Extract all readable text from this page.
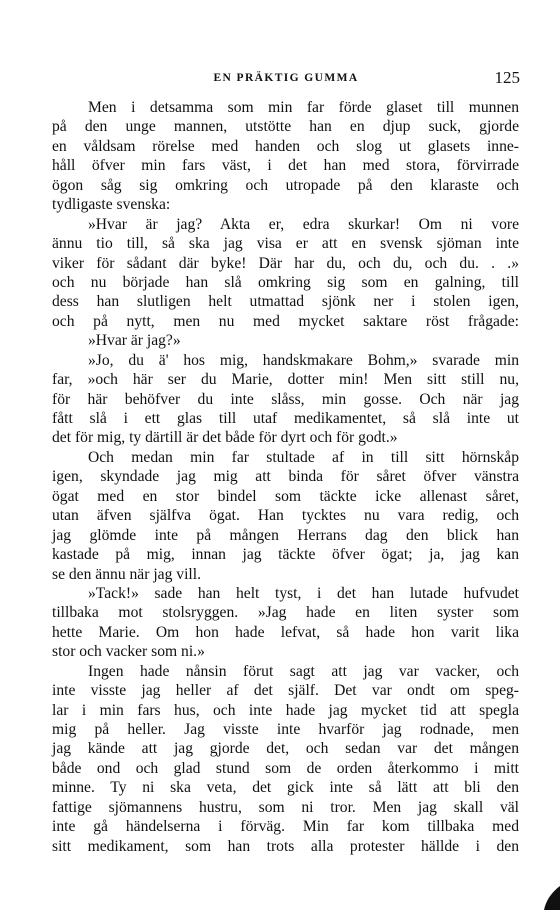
EN PRÄKTIG GUMMA	125
Men i detsamma som min far förde glaset till munnen
på den unge mannen, utstötte han en djup suck, gjorde
en våldsam rörelse med handen och slog ut glasets inne-
håll öfver min fars väst, i det han med stora, förvirrade
ögon såg sig omkring och utropade på den klaraste och
tydligaste svenska:
»Hvar är jag? Akta er, edra skurkar! Om ni vore
ännu tio till, så ska jag visa er att en svensk sjöman inte
viker för sådant där byke! Där har du, och du, och du. . .»
och nu började han slå omkring sig som en galning, till
dess han slutligen helt utmattad sjönk ner i stolen igen,
och på nytt, men nu med mycket saktare röst frågade:
»Hvar är jag?»
»Jo, du ä' hos mig, handskmakare Bohm,» svarade min
far, »och här ser du Marie, dotter min! Men sitt still nu,
för här behöfver du inte slåss, min gosse. Och när jag
fått slå i ett glas till utaf medikamentet, så slå inte ut
det för mig, ty därtill är det både för dyrt och för godt.»
Och medan min far stultade af in till sitt hörnskåp
igen, skyndade jag mig att binda för såret öfver vänstra
ögat med en stor bindel som täckte icke allenast såret,
utan äfven själfva ögat. Han tycktes nu vara redig, och
jag glömde inte på mången Herrans dag den blick han
kastade på mig, innan jag täckte öfver ögat; ja, jag kan
se den ännu när jag vill.
»Tack!» sade han helt tyst, i det han lutade hufvudet
tillbaka mot stolsryggen. »Jag hade en liten syster som
hette Marie. Om hon hade lefvat, så hade hon varit lika
stor och vacker som ni.»
Ingen hade nånsin förut sagt att jag var vacker, och
inte visste jag heller af det själf. Det var ondt om speg-
lar i min fars hus, och inte hade jag mycket tid att spegla
mig på heller. Jag visste inte hvarför jag rodnade, men
jag kände att jag gjorde det, och sedan var det mången
både ond och glad stund som de orden återkommo i mitt
minne. Ty ni ska veta, det gick inte så lätt att bli den
fattige sjömannens hustru, som ni tror. Men jag skall väl
inte gå händelserna i förväg. Min far kom tillbaka med
sitt medikament, som han trots alla protester hällde i den
